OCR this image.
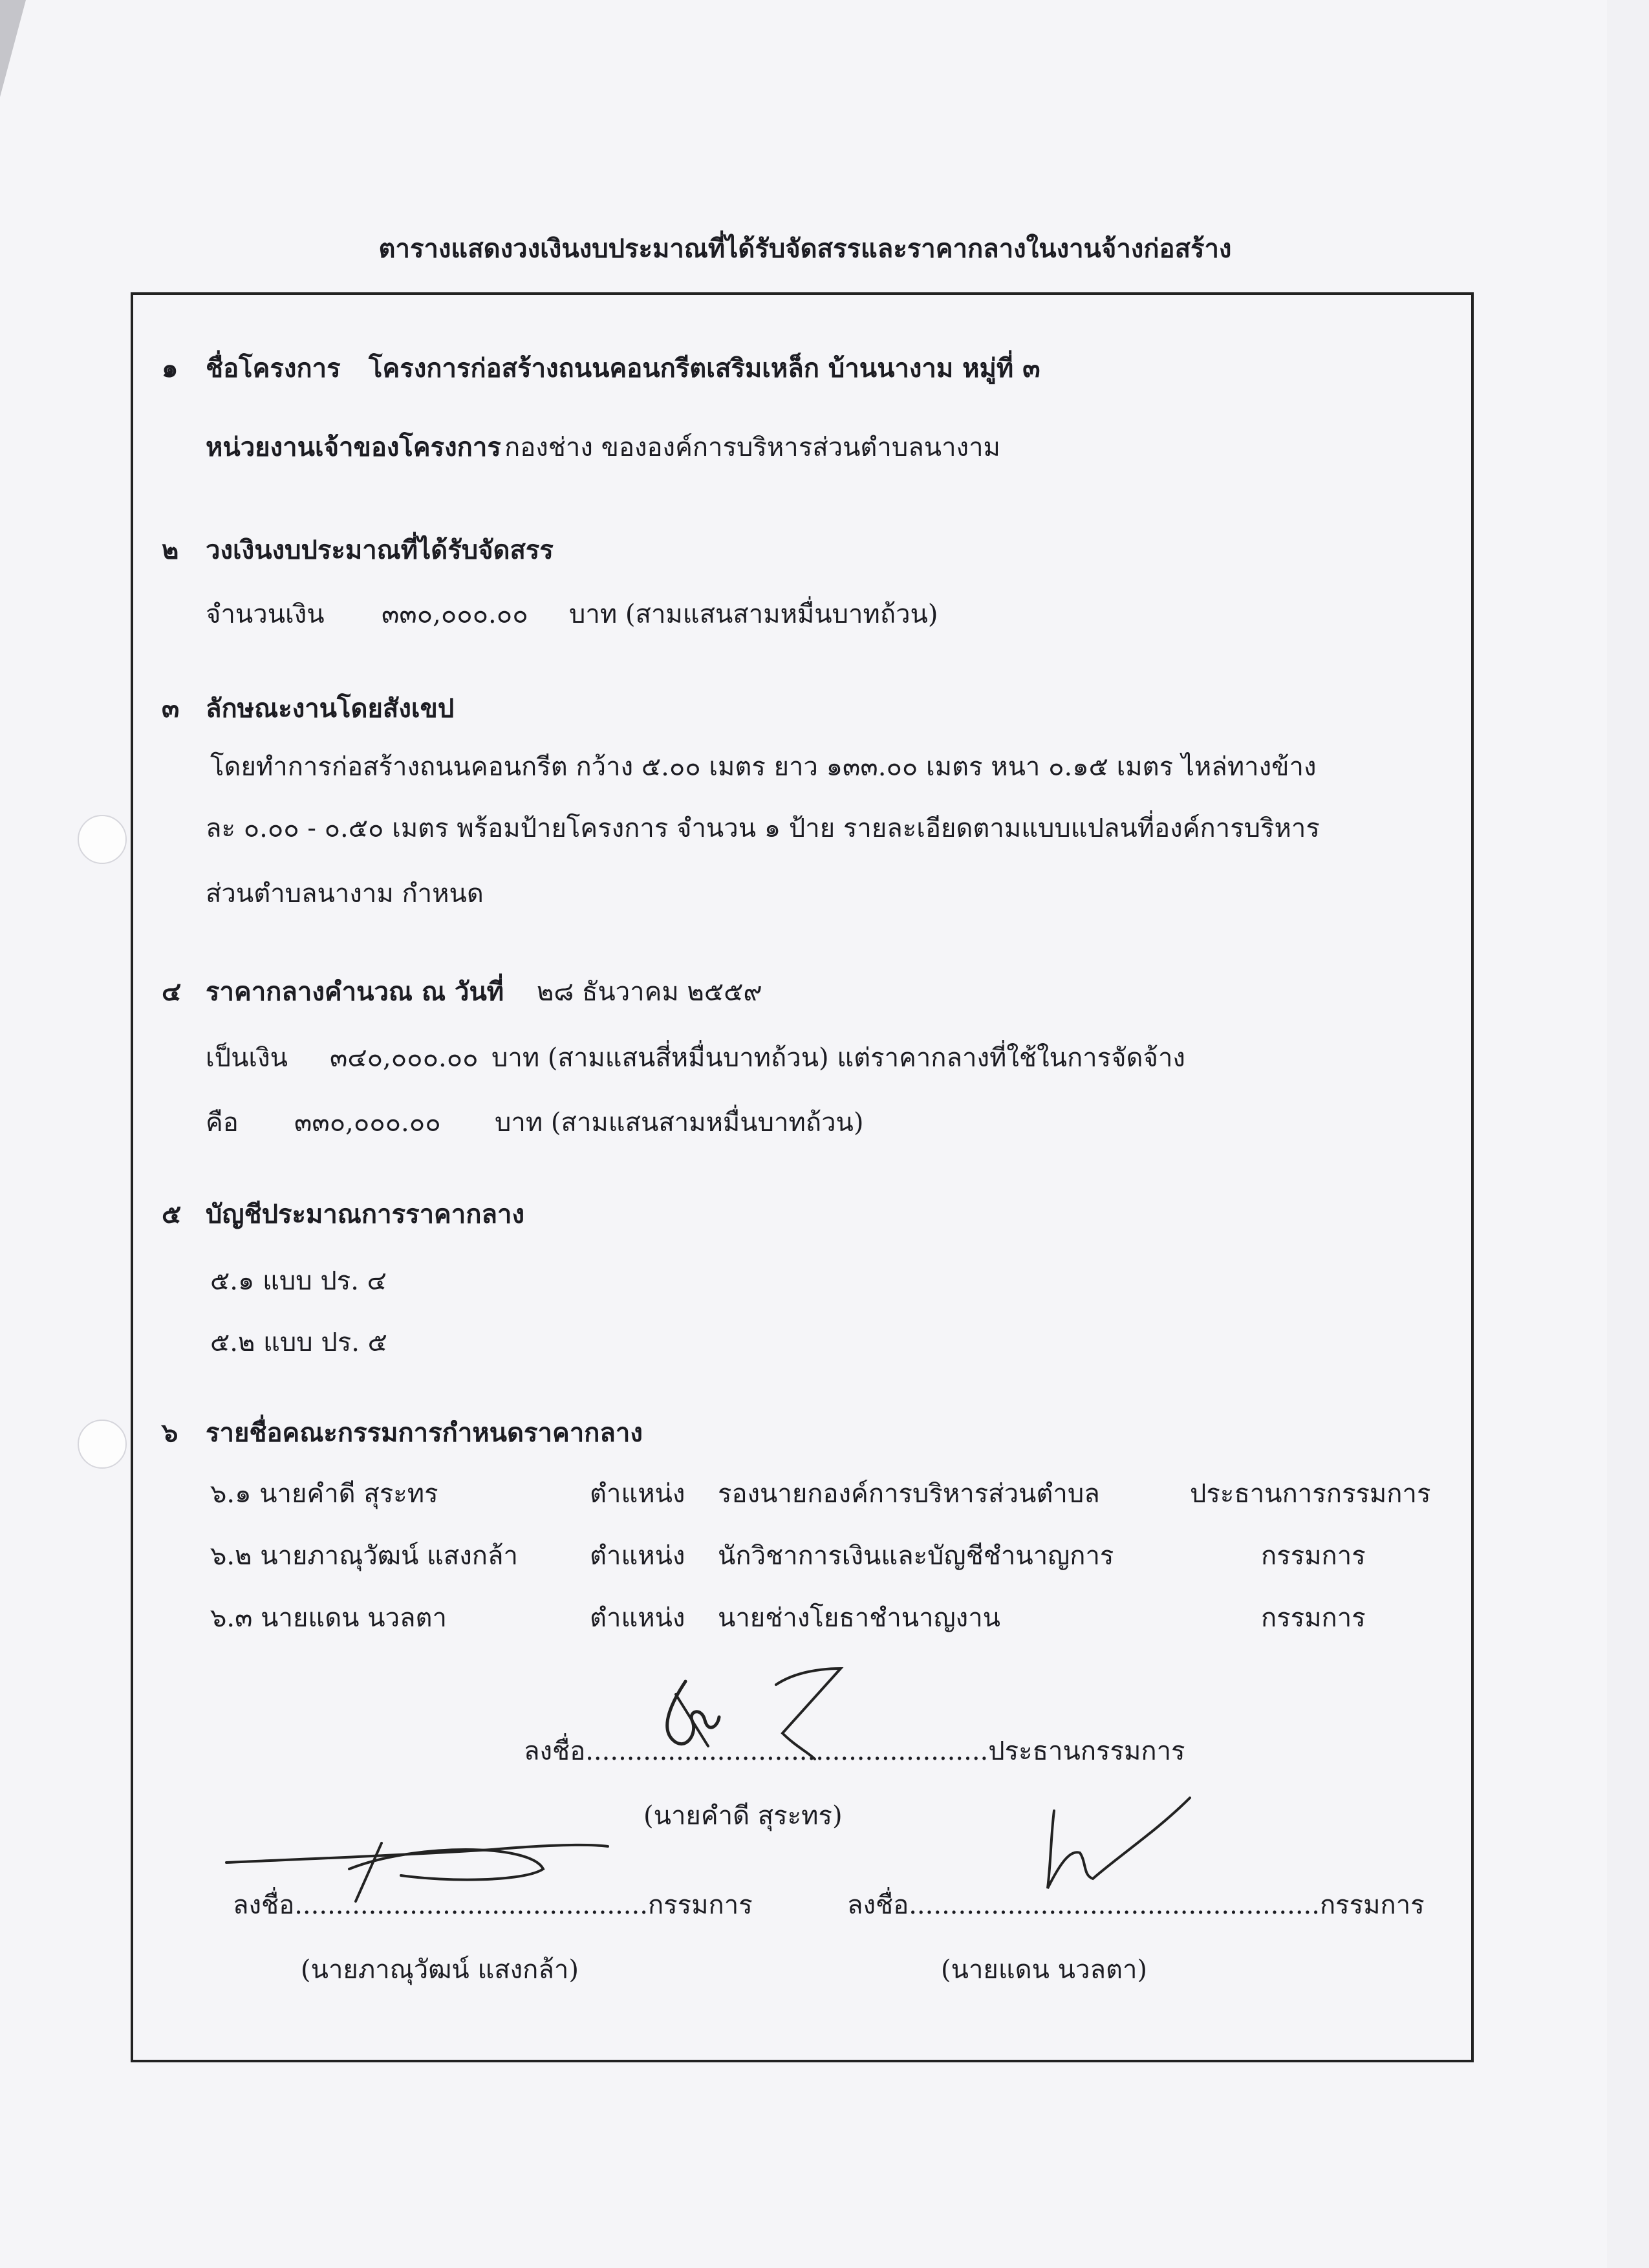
ตารางแสดงวงเงินงบประมาณที่ได้รับจัดสรรและราคากลางในงานจ้างก่อสร้าง
๑ ชื่อโครงการ โครงการก่อสร้างถนนคอนกรีตเสริมเหล็ก บ้านนางาม หมู่ที่ ๓
หน่วยงานเจ้าของโครงการ กองช่าง ขององค์การบริหารส่วนตำบลนางาม
๒ วงเงินงบประมาณที่ได้รับจัดสรร
จำนวนเงิน ๓๓๐,๐๐๐.๐๐ บาท (สามแสนสามหมื่นบาทถ้วน)
๓ ลักษณะงานโดยสังเขป
โดยทำการก่อสร้างถนนคอนกรีต กว้าง ๕.๐๐ เมตร ยาว ๑๓๓.๐๐ เมตร หนา ๐.๑๕ เมตร ไหล่ทางข้าง
ละ ๐.๐๐ - ๐.๕๐ เมตร พร้อมป้ายโครงการ จำนวน ๑ ป้าย รายละเอียดตามแบบแปลนที่องค์การบริหาร
ส่วนตำบลนางาม กำหนด
๔ ราคากลางคำนวณ ณ วันที่ ๒๘ ธันวาคม ๒๕๕๙
เป็นเงิน ๓๔๐,๐๐๐.๐๐ บาท (สามแสนสี่หมื่นบาทถ้วน) แต่ราคากลางที่ใช้ในการจัดจ้าง
คือ ๓๓๐,๐๐๐.๐๐ บาท (สามแสนสามหมื่นบาทถ้วน)
๕ บัญชีประมาณการราคากลาง
๕.๑ แบบ ปร. ๔
๕.๒ แบบ ปร. ๕
๖ รายชื่อคณะกรรมการกำหนดราคากลาง
๖.๑ นายคำดี สุระทร	ตำแหน่ง รองนายกองค์การบริหารส่วนตำบล	ประธานการกรรมการ
๖.๒ นายภาณุวัฒน์ แสงกล้า	ตำแหน่ง นักวิชาการเงินและบัญชีชำนาญการ	กรรมการ
๖.๓ นายแดน นวลตา	ตำแหน่ง นายช่างโยธาชำนาญงาน	กรรมการ
ลงชื่อ.................................................ประธานกรรมการ
(นายคำดี สุระทร)
ลงชื่อ...........................................กรรมการ
(นายภาณุวัฒน์ แสงกล้า)
ลงชื่อ..................................................กรรมการ
(นายแดน นวลตา)
